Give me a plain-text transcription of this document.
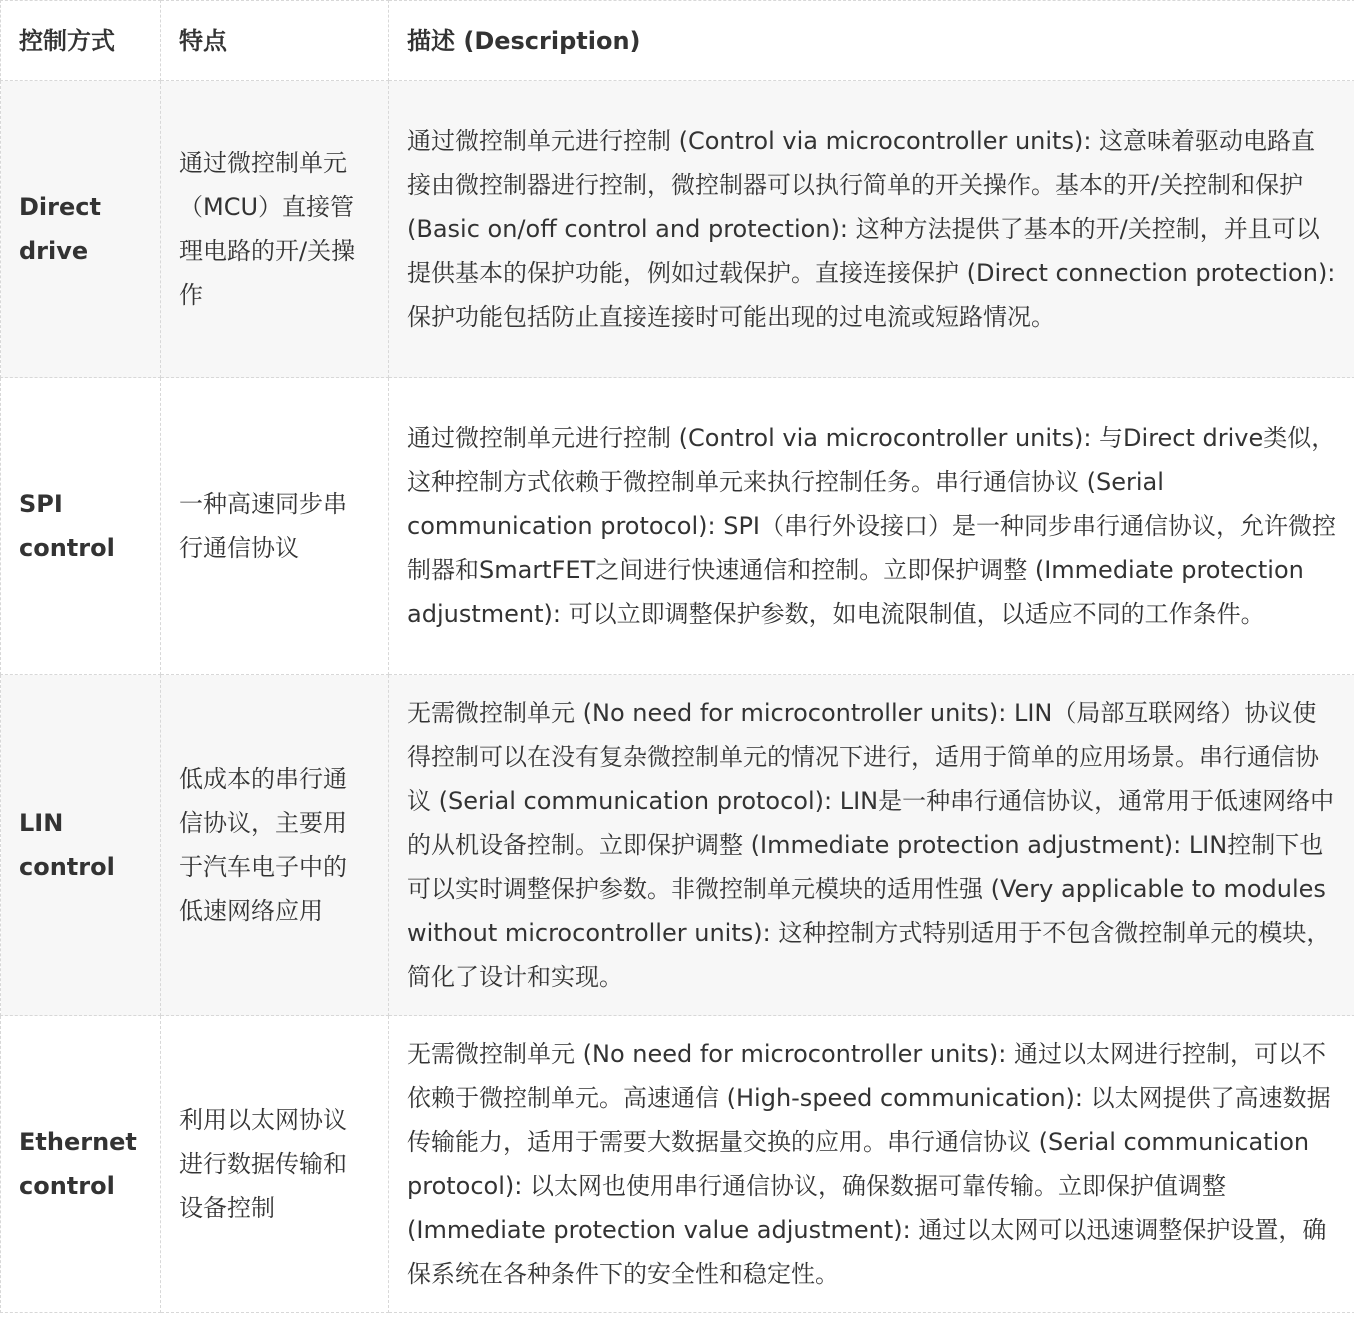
控制方式	特点	描述 (Description)
Direct drive	通过微控制单元（MCU）直接管理电路的开/关操作	通过微控制单元进行控制 (Control via microcontroller units): 这意味着驱动电路直接由微控制器进行控制，微控制器可以执行简单的开关操作。基本的开/关控制和保护 (Basic on/off control and protection): 这种方法提供了基本的开/关控制，并且可以提供基本的保护功能，例如过载保护。直接连接保护 (Direct connection protection): 保护功能包括防止直接连接时可能出现的过电流或短路情况。
SPI control	一种高速同步串行通信协议	通过微控制单元进行控制 (Control via microcontroller units): 与Direct drive类似，这种控制方式依赖于微控制单元来执行控制任务。串行通信协议 (Serial communication protocol): SPI（串行外设接口）是一种同步串行通信协议，允许微控制器和SmartFET之间进行快速通信和控制。立即保护调整 (Immediate protection adjustment): 可以立即调整保护参数，如电流限制值，以适应不同的工作条件。
LIN control	低成本的串行通信协议，主要用于汽车电子中的低速网络应用	无需微控制单元 (No need for microcontroller units): LIN（局部互联网络）协议使得控制可以在没有复杂微控制单元的情况下进行，适用于简单的应用场景。串行通信协议 (Serial communication protocol): LIN是一种串行通信协议，通常用于低速网络中的从机设备控制。立即保护调整 (Immediate protection adjustment): LIN控制下也可以实时调整保护参数。非微控制单元模块的适用性强 (Very applicable to modules without microcontroller units): 这种控制方式特别适用于不包含微控制单元的模块，简化了设计和实现。
Ethernet control	利用以太网协议进行数据传输和设备控制	无需微控制单元 (No need for microcontroller units): 通过以太网进行控制，可以不依赖于微控制单元。高速通信 (High-speed communication): 以太网提供了高速数据传输能力，适用于需要大数据量交换的应用。串行通信协议 (Serial communication protocol): 以太网也使用串行通信协议，确保数据可靠传输。立即保护值调整 (Immediate protection value adjustment): 通过以太网可以迅速调整保护设置，确保系统在各种条件下的安全性和稳定性。
